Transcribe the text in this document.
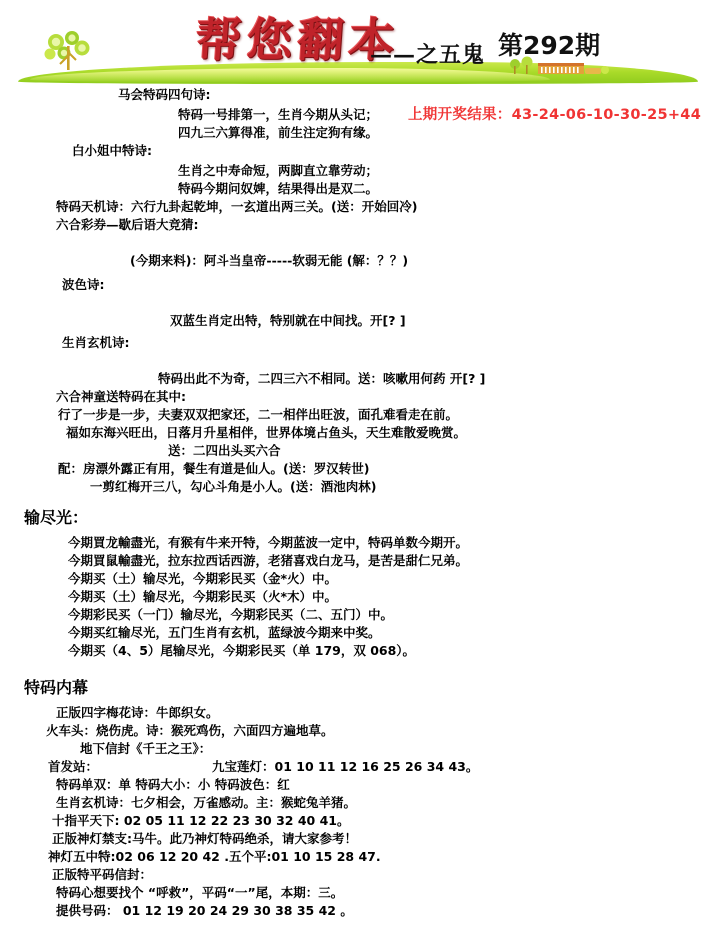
帮您翻本
——之五鬼 第292期
上期开奖结果：43-24-06-10-30-25+44
马会特码四句诗:
特码一号排第一，生肖今期从头记；
四九三六算得准，前生注定狗有缘。
白小姐中特诗:
生肖之中寿命短，两脚直立靠劳动；
特码今期问奴婢，结果得出是双二。
特码天机诗：六行九卦起乾坤，一玄道出两三关。(送：开始回冷)
六合彩券—歇后语大竞猜:
(今期来料)：阿斗当皇帝-----软弱无能 (解：？？)
波色诗:
双蓝生肖定出特，特别就在中间找。开[? ]
生肖玄机诗:
特码出此不为奇，二四三六不相同。送：咳嗽用何药 开[? ]
六合神童送特码在其中:
行了一步是一步，夫妻双双把家还，二一相伴出旺波，面孔难看走在前。
福如东海兴旺出，日落月升星相伴，世界体境占鱼头，天生难散爱晚赏。
送：二四出头买六合
配：房漂外露正有用，餐生有道是仙人。(送：罗汉转世)
一剪红梅开三八，勾心斗角是小人。(送：酒池肉林)
输尽光：
今期買龙輸盡光，有猴有牛来开特，今期蓝波一定中，特码单数今期开。
今期買鼠輸盡光，拉东拉西话西游，老猪喜戏白龙马，是苦是甜仁兄弟。
今期买（土）输尽光，今期彩民买（金*火）中。
今期买（土）输尽光，今期彩民买（火*木）中。
今期彩民买（一门）输尽光，今期彩民买（二、五门）中。
今期买红输尽光，五门生肖有玄机，蓝绿波今期来中奖。
今期买（4、5）尾输尽光，今期彩民买（单 179，双 068）。
特码内幕
正版四字梅花诗：牛郎织女。
火车头：烧伤虎。诗：猴死鸡伤，六面四方遍地草。
地下信封《千王之王》：
首发站：	九宝莲灯：01 10 11 12 16 25 26 34 43。
特码单双：单 特码大小：小 特码波色：红
生肖玄机诗：七夕相会，万雀感动。主：猴蛇兔羊猪。
十指平天下: 02 05 11 12 22 23 30 32 40 41。
正版神灯禁支:马牛。此乃神灯特码绝杀，请大家参考！
神灯五中特:02 06 12 20 42 .五个平:01 10 15 28 47.
正版特平码信封：
特码心想要找个 “呼救”，平码“一”尾，本期：三。
提供号码： 01 12 19 20 24 29 30 38 35 42 。
